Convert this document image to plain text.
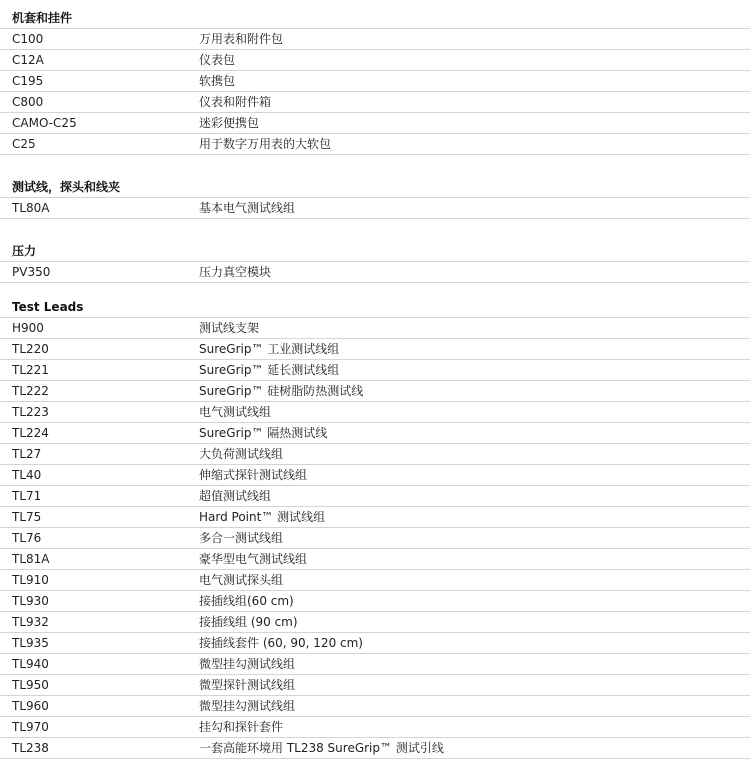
机套和挂件
C100	万用表和附件包
C12A	仪表包
C195	软携包
C800	仪表和附件箱
CAMO-C25	迷彩便携包
C25	用于数字万用表的大软包
测试线，探头和线夹
TL80A	基本电气测试线组
压力
PV350	压力真空模块
Test Leads
H900	测试线支架
TL220	SureGrip™ 工业测试线组
TL221	SureGrip™ 延长测试线组
TL222	SureGrip™ 硅树脂防热测试线
TL223	电气测试线组
TL224	SureGrip™ 隔热测试线
TL27	大负荷测试线组
TL40	伸缩式探针测试线组
TL71	超值测试线组
TL75	Hard Point™ 测试线组
TL76	多合一测试线组
TL81A	豪华型电气测试线组
TL910	电气测试探头组
TL930	接插线组(60 cm)
TL932	接插线组 (90 cm)
TL935	接插线套件 (60, 90, 120 cm)
TL940	微型挂勾测试线组
TL950	微型探针测试线组
TL960	微型挂勾测试线组
TL970	挂勾和探针套件
TL238	一套高能环境用 TL238 SureGrip™ 测试引线
